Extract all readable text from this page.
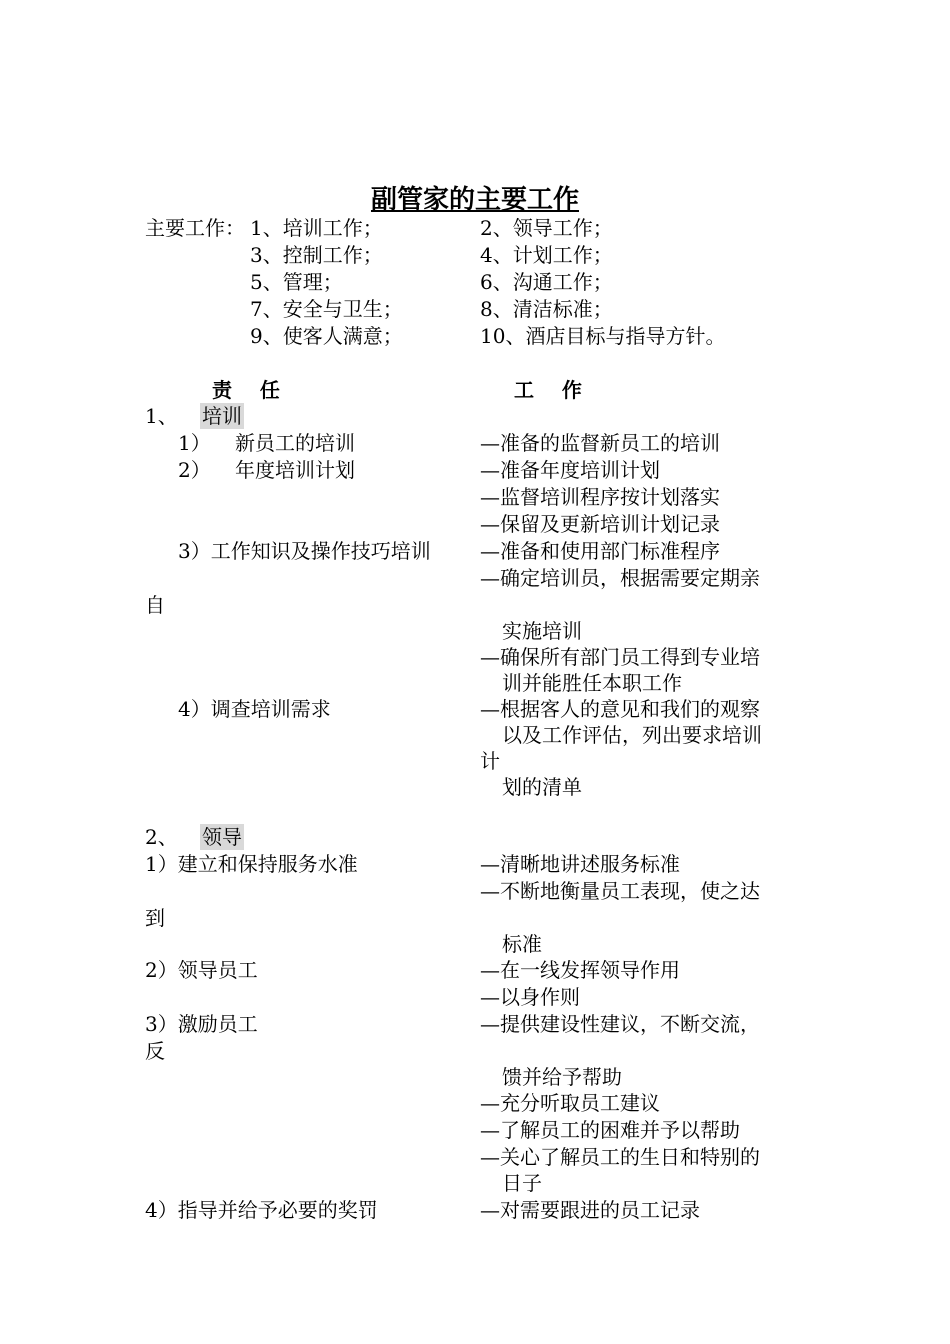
副管家的主要工作
主要工作： 1、培训工作；	2、领导工作；
3、控制工作；	4、计划工作；
5、管理；	6、沟通工作；
7、安全与卫生；	8、清洁标准；
9、使客人满意；	10、酒店目标与指导方针。
责    任	工    作
1、 培训
1） 新员工的培训	—准备的监督新员工的培训
2） 年度培训计划	—准备年度培训计划
—监督培训程序按计划落实
—保留及更新培训计划记录
3）工作知识及操作技巧培训 —准备和使用部门标准程序
—确定培训员，根据需要定期亲
自
实施培训
—确保所有部门员工得到专业培
训并能胜任本职工作
4）调查培训需求	—根据客人的意见和我们的观察
以及工作评估，列出要求培训
计
划的清单
2、 领导
1）建立和保持服务水准	—清晰地讲述服务标准
—不断地衡量员工表现，使之达
到
标准
2）领导员工	—在一线发挥领导作用
—以身作则
3）激励员工	—提供建设性建议，不断交流，
反
馈并给予帮助
—充分听取员工建议
—了解员工的困难并予以帮助
—关心了解员工的生日和特别的
日子
4）指导并给予必要的奖罚	—对需要跟进的员工记录
